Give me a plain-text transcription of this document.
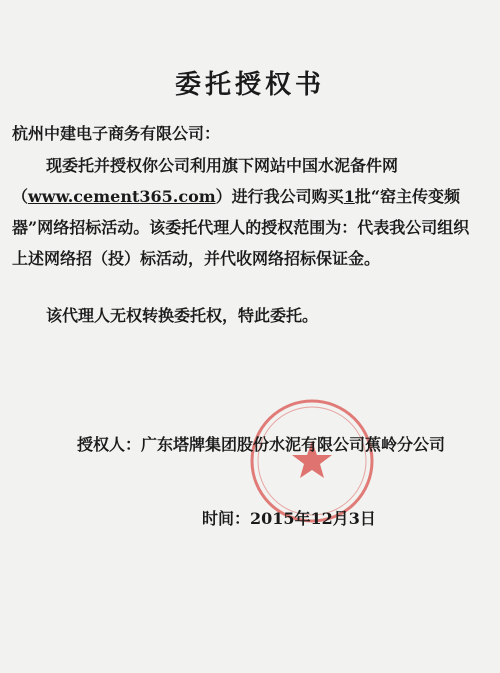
委托授权书
杭州中建电子商务有限公司：
现委托并授权你公司利用旗下网站中国水泥备件网（www.cement365.com）进行我公司购买1批“窑主传变频器”网络招标活动。该委托代理人的授权范围为：代表我公司组织上述网络招（投）标活动，并代收网络招标保证金。
该代理人无权转换委托权，特此委托。
授权人：广东塔牌集团股份水泥有限公司蕉岭分公司
时间：2015年12月3日
